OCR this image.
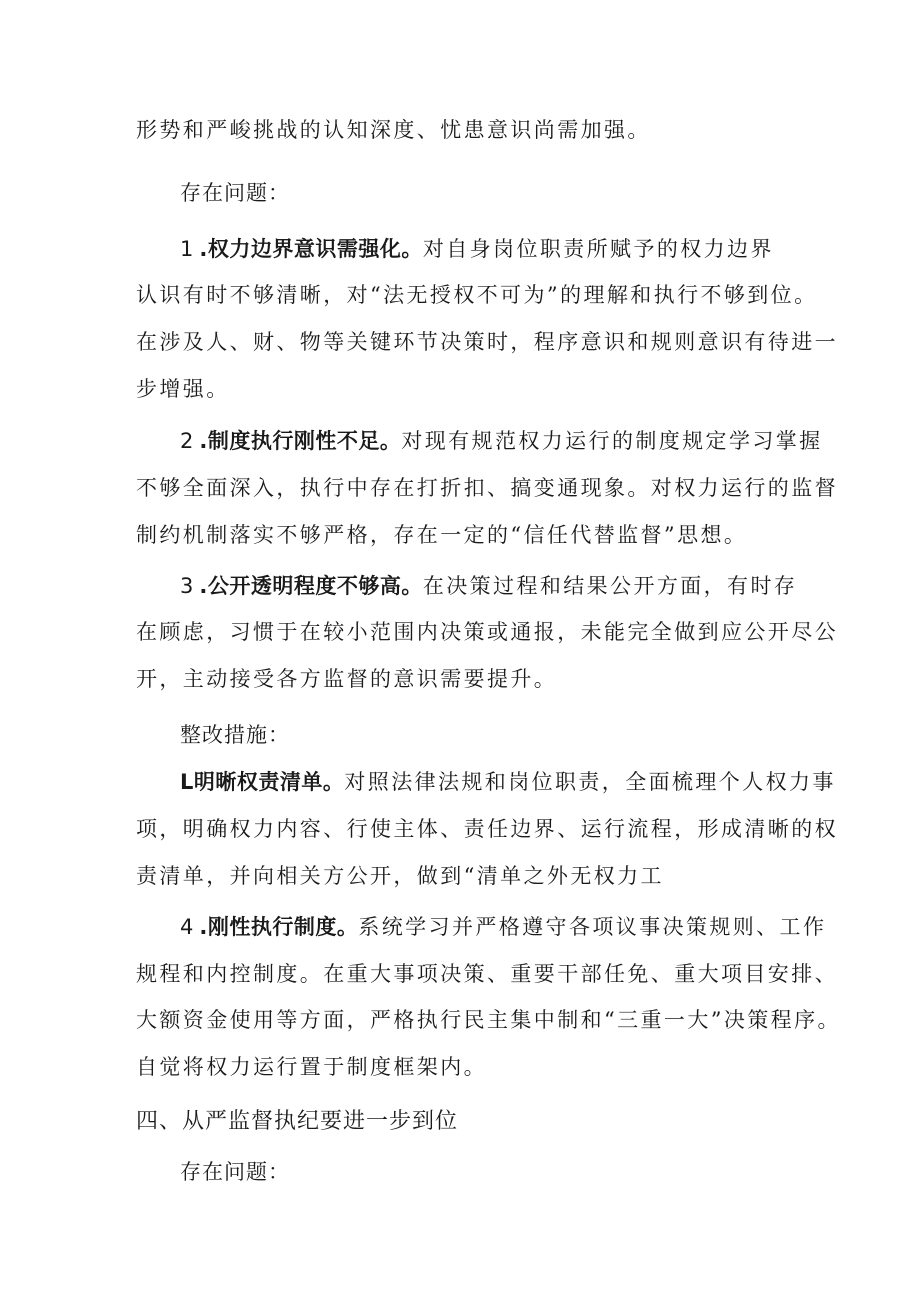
形势和严峻挑战的认知深度、忧患意识尚需加强。
存在问题：
1.权力边界意识需强化。对自身岗位职责所赋予的权力边界
认识有时不够清晰，对“法无授权不可为”的理解和执行不够到位。
在涉及人、财、物等关键环节决策时，程序意识和规则意识有待进一
步增强。
2.制度执行刚性不足。对现有规范权力运行的制度规定学习掌握
不够全面深入，执行中存在打折扣、搞变通现象。对权力运行的监督
制约机制落实不够严格，存在一定的“信任代替监督”思想。
3.公开透明程度不够高。在决策过程和结果公开方面，有时存
在顾虑，习惯于在较小范围内决策或通报，未能完全做到应公开尽公
开，主动接受各方监督的意识需要提升。
整改措施：
L明晰权责清单。对照法律法规和岗位职责，全面梳理个人权力事
项，明确权力内容、行使主体、责任边界、运行流程，形成清晰的权
责清单，并向相关方公开，做到“清单之外无权力工
4.刚性执行制度。系统学习并严格遵守各项议事决策规则、工作
规程和内控制度。在重大事项决策、重要干部任免、重大项目安排、
大额资金使用等方面，严格执行民主集中制和“三重一大”决策程序。
自觉将权力运行置于制度框架内。
四、从严监督执纪要进一步到位
存在问题：
